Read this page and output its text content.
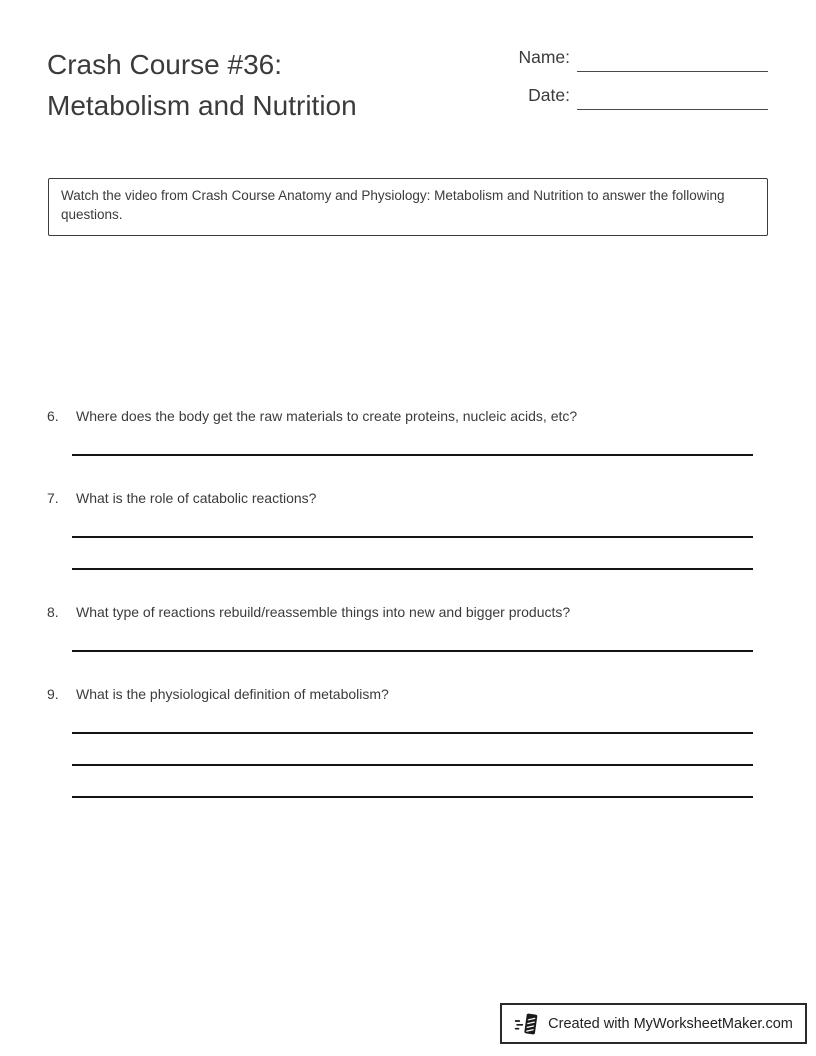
Crash Course #36:
Metabolism and Nutrition
Name:
Date:
Watch the video from Crash Course Anatomy and Physiology: Metabolism and Nutrition to answer the following questions.
6.	Where does the body get the raw materials to create proteins, nucleic acids, etc?
7.	What is the role of catabolic reactions?
8.	What type of reactions rebuild/reassemble things into new and bigger products?
9.	What is the physiological definition of metabolism?
Created with MyWorksheetMaker.com
